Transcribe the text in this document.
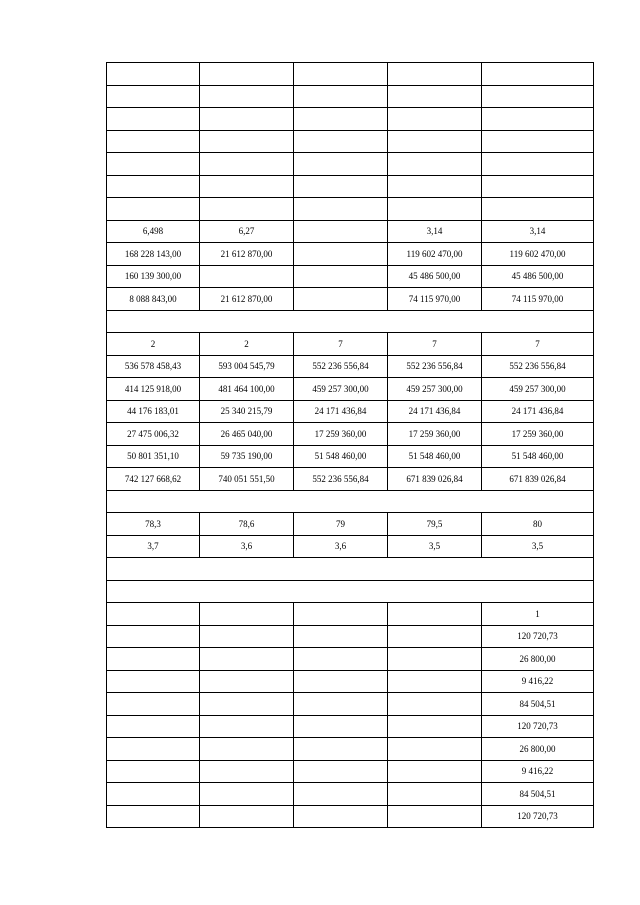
6,498	6,27		3,14	3,14
168 228 143,00	21 612 870,00		119 602 470,00	119 602 470,00
160 139 300,00			45 486 500,00	45 486 500,00
8 088 843,00	21 612 870,00		74 115 970,00	74 115 970,00

2	2	7	7	7
536 578 458,43	593 004 545,79	552 236 556,84	552 236 556,84	552 236 556,84
414 125 918,00	481 464 100,00	459 257 300,00	459 257 300,00	459 257 300,00
44 176 183,01	25 340 215,79	24 171 436,84	24 171 436,84	24 171 436,84
27 475 006,32	26 465 040,00	17 259 360,00	17 259 360,00	17 259 360,00
50 801 351,10	59 735 190,00	51 548 460,00	51 548 460,00	51 548 460,00
742 127 668,62	740 051 551,50	552 236 556,84	671 839 026,84	671 839 026,84

78,3	78,6	79	79,5	80
3,7	3,6	3,6	3,5	3,5

				1
				120 720,73
				26 800,00
				9 416,22
				84 504,51
				120 720,73
				26 800,00
				9 416,22
				84 504,51
				120 720,73
